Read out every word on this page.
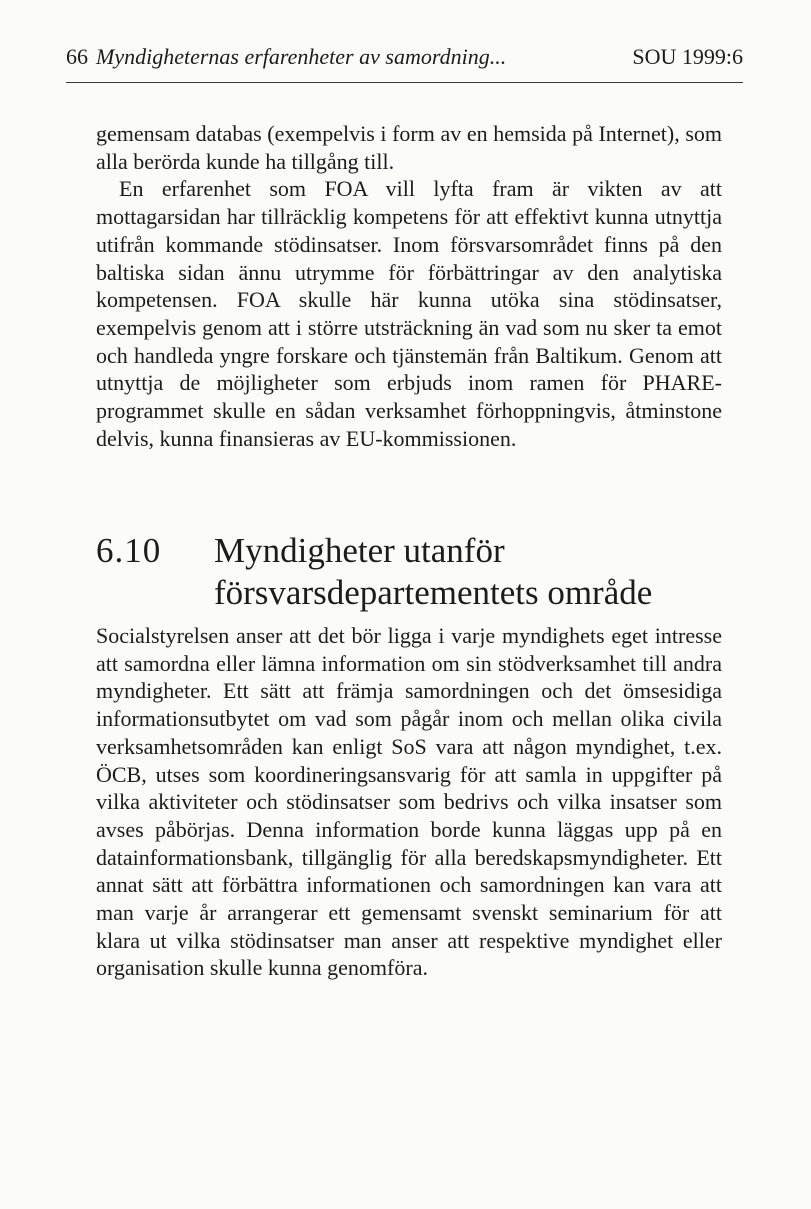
66 Myndigheternas erfarenheter av samordning...	SOU 1999:6

gemensam databas (exempelvis i form av en hemsida på Internet), som alla berörda kunde ha tillgång till.

En erfarenhet som FOA vill lyfta fram är vikten av att mottagarsidan har tillräcklig kompetens för att effektivt kunna utnyttja utifrån kommande stödinsatser. Inom försvarsområdet finns på den baltiska sidan ännu utrymme för förbättringar av den analytiska kompetensen. FOA skulle här kunna utöka sina stödinsatser, exempelvis genom att i större utsträckning än vad som nu sker ta emot och handleda yngre forskare och tjänstemän från Baltikum. Genom att utnyttja de möjligheter som erbjuds inom ramen för PHARE-programmet skulle en sådan verksamhet förhoppningvis, åtminstone delvis, kunna finansieras av EU-kommissionen.

6.10	Myndigheter utanför
försvarsdepartementets område

Socialstyrelsen anser att det bör ligga i varje myndighets eget intresse att samordna eller lämna information om sin stödverksamhet till andra myndigheter. Ett sätt att främja samordningen och det ömsesidiga informationsutbytet om vad som pågår inom och mellan olika civila verksamhetsområden kan enligt SoS vara att någon myndighet, t.ex. ÖCB, utses som koordineringsansvarig för att samla in uppgifter på vilka aktiviteter och stödinsatser som bedrivs och vilka insatser som avses påbörjas. Denna information borde kunna läggas upp på en datainformationsbank, tillgänglig för alla beredskapsmyndigheter. Ett annat sätt att förbättra informationen och samordningen kan vara att man varje år arrangerar ett gemensamt svenskt seminarium för att klara ut vilka stödinsatser man anser att respektive myndighet eller organisation skulle kunna genomföra.
